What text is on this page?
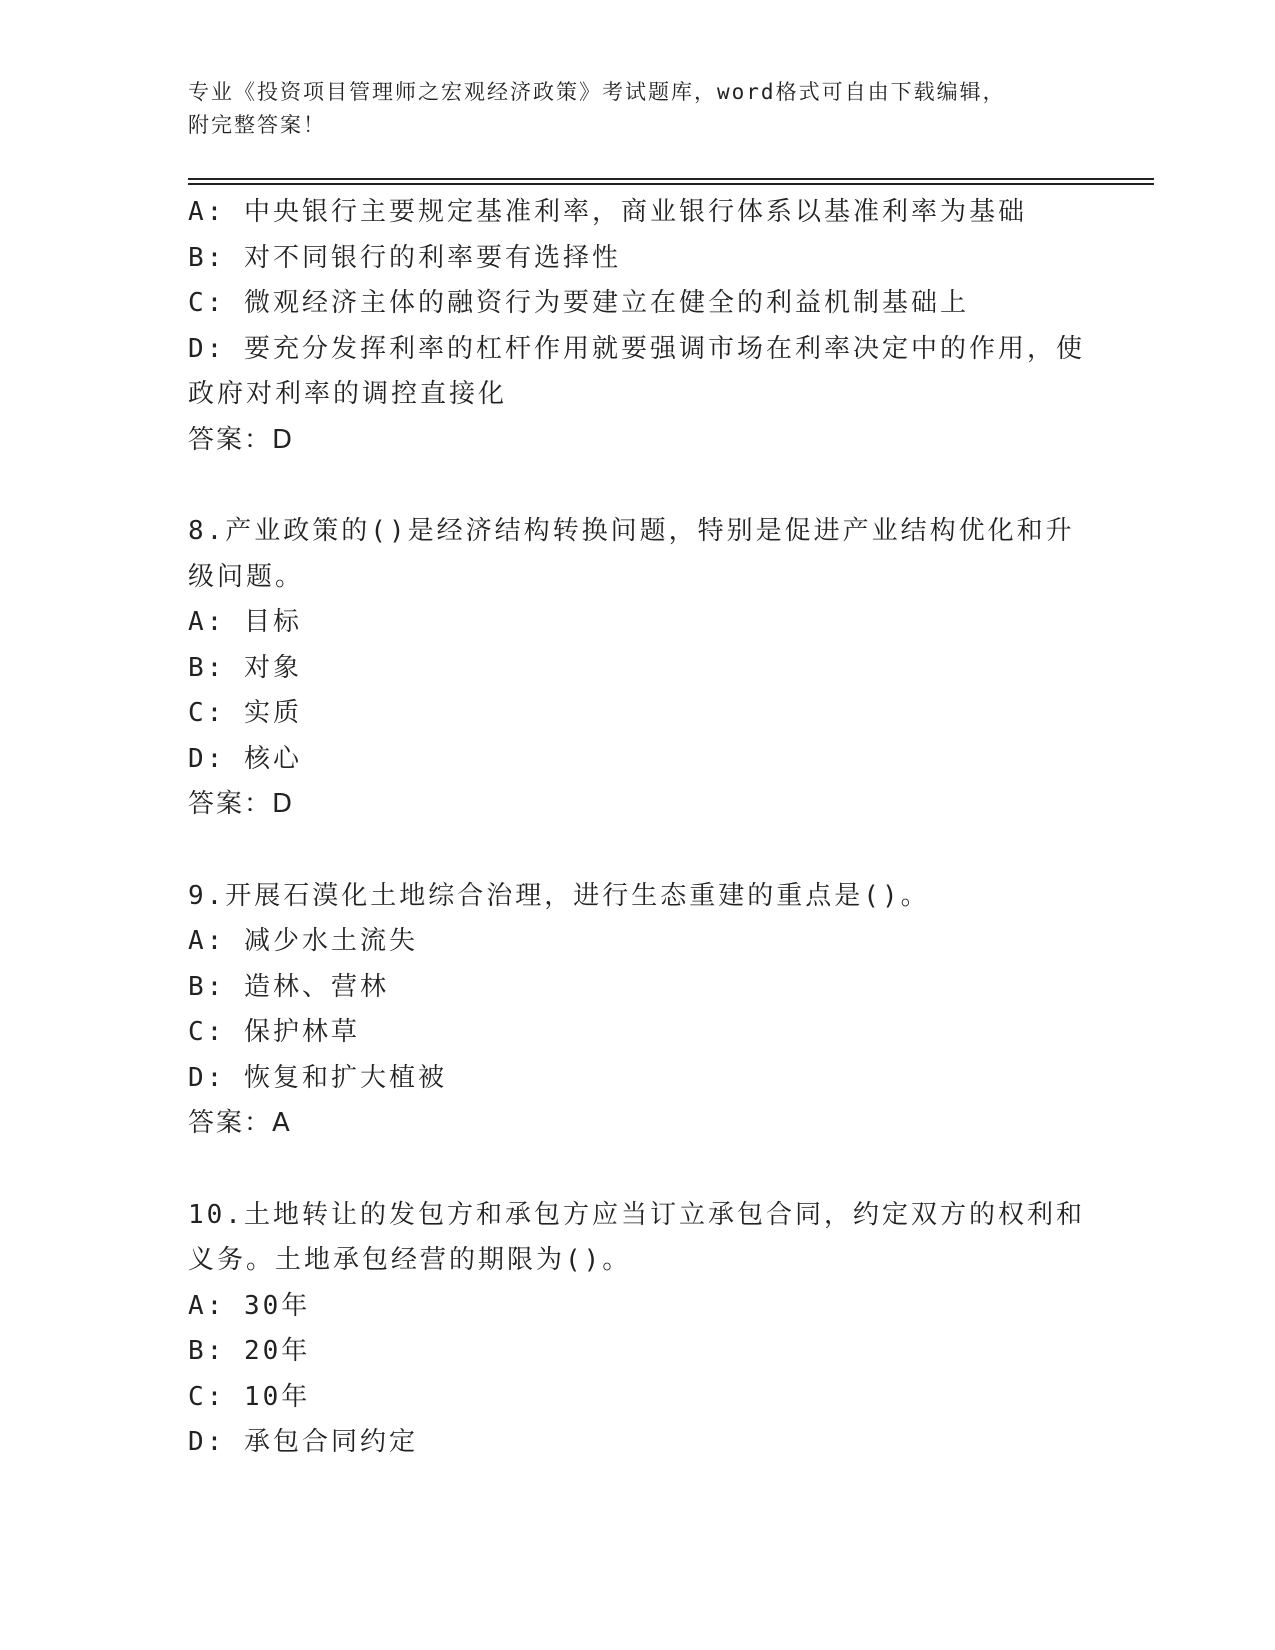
专业《投资项目管理师之宏观经济政策》考试题库，word格式可自由下载编辑，
附完整答案！

A: 中央银行主要规定基准利率，商业银行体系以基准利率为基础

B: 对不同银行的利率要有选择性

C: 微观经济主体的融资行为要建立在健全的利益机制基础上

D: 要充分发挥利率的杠杆作用就要强调市场在利率决定中的作用，使政府对利率的调控直接化

答案：D

8.产业政策的()是经济结构转换问题，特别是促进产业结构优化和升级问题。

A: 目标

B: 对象

C: 实质

D: 核心

答案：D

9.开展石漠化土地综合治理，进行生态重建的重点是()。

A: 减少水土流失

B: 造林、营林

C: 保护林草

D: 恢复和扩大植被

答案：A

10.土地转让的发包方和承包方应当订立承包合同，约定双方的权利和义务。土地承包经营的期限为()。

A: 30年

B: 20年

C: 10年

D: 承包合同约定
